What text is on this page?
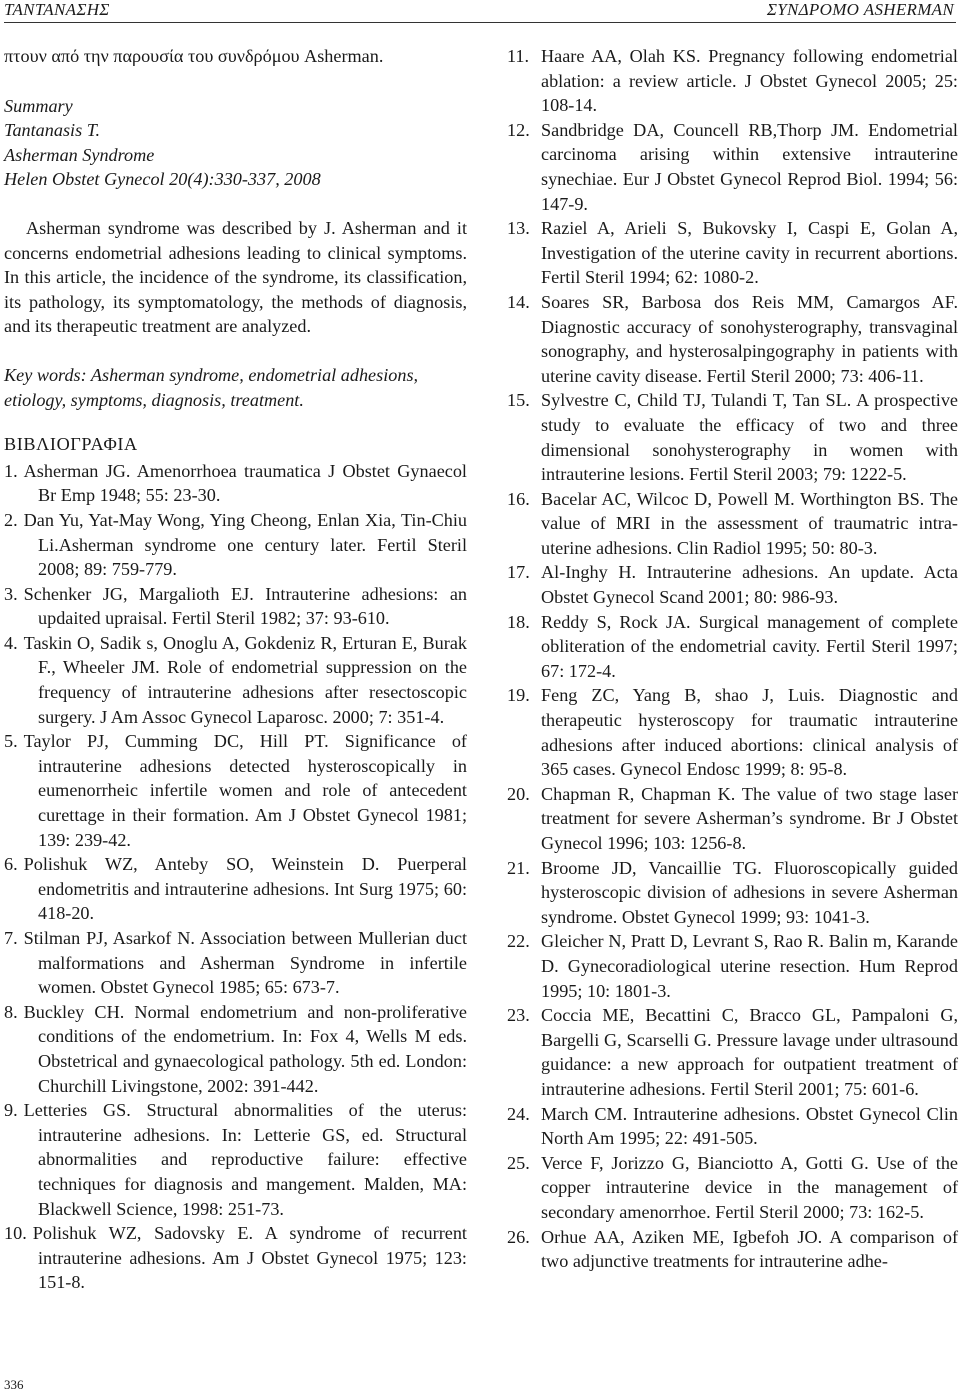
ΤΑΝΤΑΝΑΣΗΣ	ΣΥΝΔΡΟΜΟ ASHERMAN

πτουν από την παρουσία του συνδρόμου Asherman.

Summary

Tantanasis T.

Asherman Syndrome

Helen Obstet Gynecol 20(4):330-337, 2008

Asherman syndrome was described by J. Asherman and it concerns endometrial adhesions leading to clinical symptoms. In this article, the incidence of the syndrome, its classification, its pathology, its symptomatology, the methods of diagnosis, and its therapeutic treatment are analyzed.

Key words: Asherman syndrome, endometrial adhesions, etiology, symptoms, diagnosis, treatment.

ΒΙΒΛΙΟΓΡΑΦΙΑ
1. Asherman JG. Amenorrhoea traumatica J Obstet Gynaecol Br Emp 1948; 55: 23-30.
2. Dan Yu, Yat-May Wong, Ying Cheong, Enlan Xia, Tin-Chiu Li.Asherman syndrome one century later. Fertil Steril 2008; 89: 759-779.
3. Schenker JG, Margalioth EJ. Intrauterine adhesions: an updaited upraisal. Fertil Steril 1982; 37: 93-610.
4. Taskin O, Sadik s, Onoglu A, Gokdeniz R, Erturan E, Burak F., Wheeler JM. Role of endometrial suppression on the frequency of intrauterine adhesions after resectoscopic surgery. J Am Assoc Gynecol Laparosc. 2000; 7: 351-4.
5. Taylor PJ, Cumming DC, Hill PT. Significance of intrauterine adhesions detected hysteroscopically in eumenorrheic infertile women and role of antecedent curettage in their formation. Am J Obstet Gynecol 1981; 139: 239-42.
6. Polishuk WZ, Anteby SO, Weinstein D. Puerperal endometritis and intrauterine adhesions. Int Surg 1975; 60: 418-20.
7. Stilman PJ, Asarkof N. Association between Mullerian duct malformations and Asherman Syndrome in infertile women. Obstet Gynecol 1985; 65: 673-7.
8. Buckley CH. Normal endometrium and non-proliferative conditions of the endometrium. In: Fox 4, Wells M eds. Obstetrical and gynaecological pathology. 5th ed. London: Churchill Livingstone, 2002: 391-442.
9. Letteries GS. Structural abnormalities of the uterus: intrauterine adhesions. In: Letterie GS, ed. Structural abnormalities and reproductive failure: effective techniques for diagnosis and mangement. Malden, MA: Blackwell Science, 1998: 251-73.
10. Polishuk WZ, Sadovsky E. A syndrome of recurrent intrauterine adhesions. Am J Obstet Gynecol 1975; 123: 151-8.
11. Haare AA, Olah KS. Pregnancy following endometrial ablation: a review article. J Obstet Gynecol 2005; 25: 108-14.
12. Sandbridge DA, Councell RB,Thorp JM. Endometrial carcinoma arising within extensive intrauterine synechiae. Eur J Obstet Gynecol Reprod Biol. 1994; 56: 147-9.
13. Raziel A, Arieli S, Bukovsky I, Caspi E, Golan A, Investigation of the uterine cavity in recurrent abortions. Fertil Steril 1994; 62: 1080-2.
14. Soares SR, Barbosa dos Reis MM, Camargos AF. Diagnostic accuracy of sonohysterography, transvaginal sonography, and hysterosalpingography in patients with uterine cavity disease. Fertil Steril 2000; 73: 406-11.
15. Sylvestre C, Child TJ, Tulandi T, Tan SL. A prospective study to evaluate the efficacy of two and three dimensional sonohysterography in women with intrauterine lesions. Fertil Steril 2003; 79: 1222-5.
16. Bacelar AC, Wilcoc D, Powell M. Worthington BS. The value of MRI in the assessment of traumatric intra-uterine adhesions. Clin Radiol 1995; 50: 80-3.
17. Al-Inghy H. Intrauterine adhesions. An update. Acta Obstet Gynecol Scand 2001; 80: 986-93.
18. Reddy S, Rock JA. Surgical management of complete obliteration of the endometrial cavity. Fertil Steril 1997; 67: 172-4.
19. Feng ZC, Yang B, shao J, Luis. Diagnostic and therapeutic hysteroscopy for traumatic intrauterine adhesions after induced abortions: clinical analysis of 365 cases. Gynecol Endosc 1999; 8: 95-8.
20. Chapman R, Chapman K. The value of two stage laser treatment for severe Asherman’s syndrome. Br J Obstet Gynecol 1996; 103: 1256-8.
21. Broome JD, Vancaillie TG. Fluoroscopically guided hysteroscopic division of adhesions in severe Asherman syndrome. Obstet Gynecol 1999; 93: 1041-3.
22. Gleicher N, Pratt D, Levrant S, Rao R. Balin m, Karande D. Gynecoradiological uterine resection. Hum Reprod 1995; 10: 1801-3.
23. Coccia ME, Becattini C, Bracco GL, Pampaloni G, Bargelli G, Scarselli G. Pressure lavage under ultrasound guidance: a new approach for outpatient treatment of intrauterine adhesions. Fertil Steril 2001; 75: 601-6.
24. March CM. Intrauterine adhesions. Obstet Gynecol Clin North Am 1995; 22: 491-505.
25. Verce F, Jorizzo G, Bianciotto A, Gotti G. Use of the copper intrauterine device in the management of secondary amenorrhoe. Fertil Steril 2000; 73: 162-5.
26. Orhue AA, Aziken ME, Igbefoh JO. A comparison of two adjunctive treatments for intrauterine adhe-
336
